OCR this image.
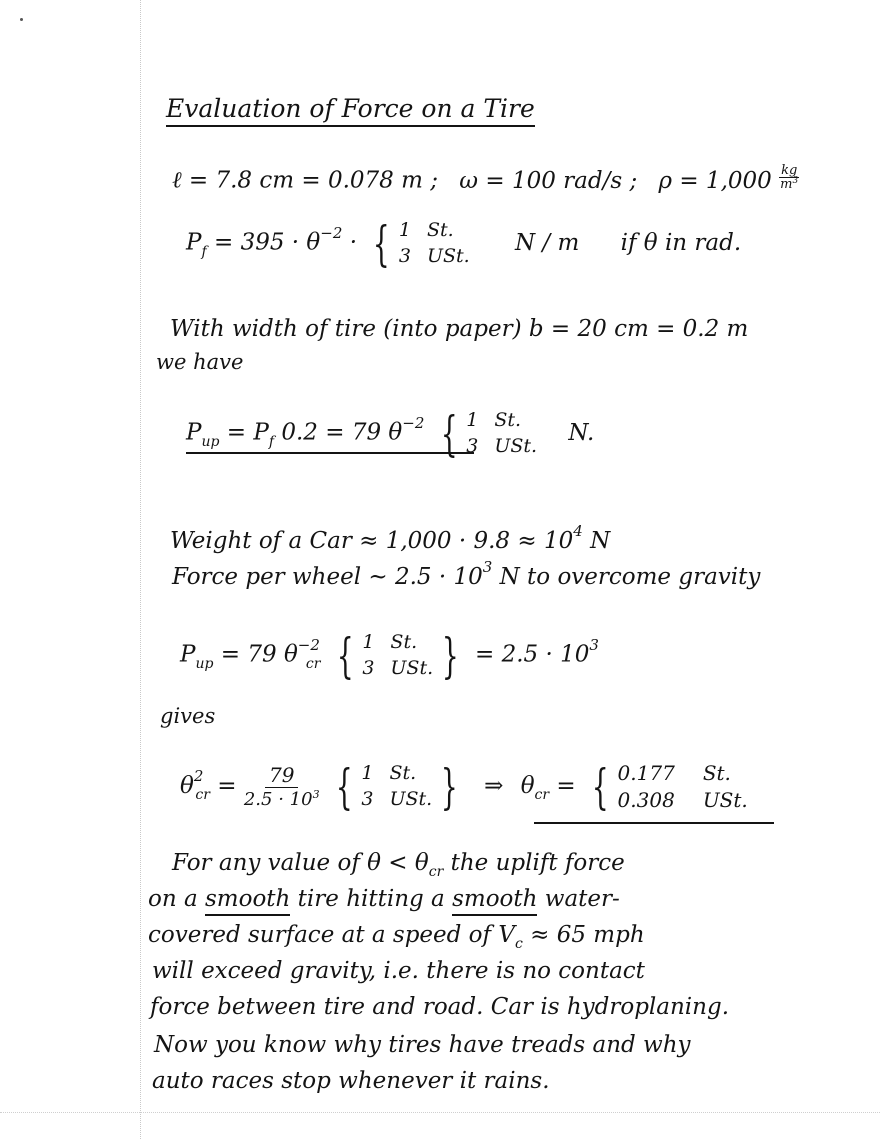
Evaluation of Force on a Tire
ℓ = 7.8 cm = 0.078 m ; ω = 100 rad/s ; $\rho = 1,000 \frac{kg}{m^3}$
$P_f = 395 \cdot \theta^{-2}$ · { 1 St.
3 USt. N / m if θ in rad.
With width of tire (into paper) b = 20 cm = 0.2 m
we have
$P_{up} = P_f$ 0.2 = 79 $\theta^{-2}$ { 1 St.
3 USt. N.
Weight of a Car ≈ $1,000 \cdot 9.8 \approx 10^4$ N
Force per wheel ~ $2.5 \cdot 10^3$ N to overcome gravity
$P_{up} = 79$ $\theta^{-2}_{cr}$ { 1 St.
3 USt. } = $2.5 \cdot 10^3$
gives
$\theta^2_{cr} = \frac{79}{2.5 \cdot 10^3}$
{ 1 St.
3 USt. } ⇒ $\theta_{cr}$ = { 0.177 St.
0.308 USt.
For any value of $\theta < \theta_{cr}$ the uplift force
on a smooth tire hitting a smooth water-
covered surface at a speed of $V_c \approx 65$ mph
will exceed gravity, i.e. there is no contact
force between tire and road. Car is hydroplaning.
Now you know why tires have treads and why
auto races stop whenever it rains.
